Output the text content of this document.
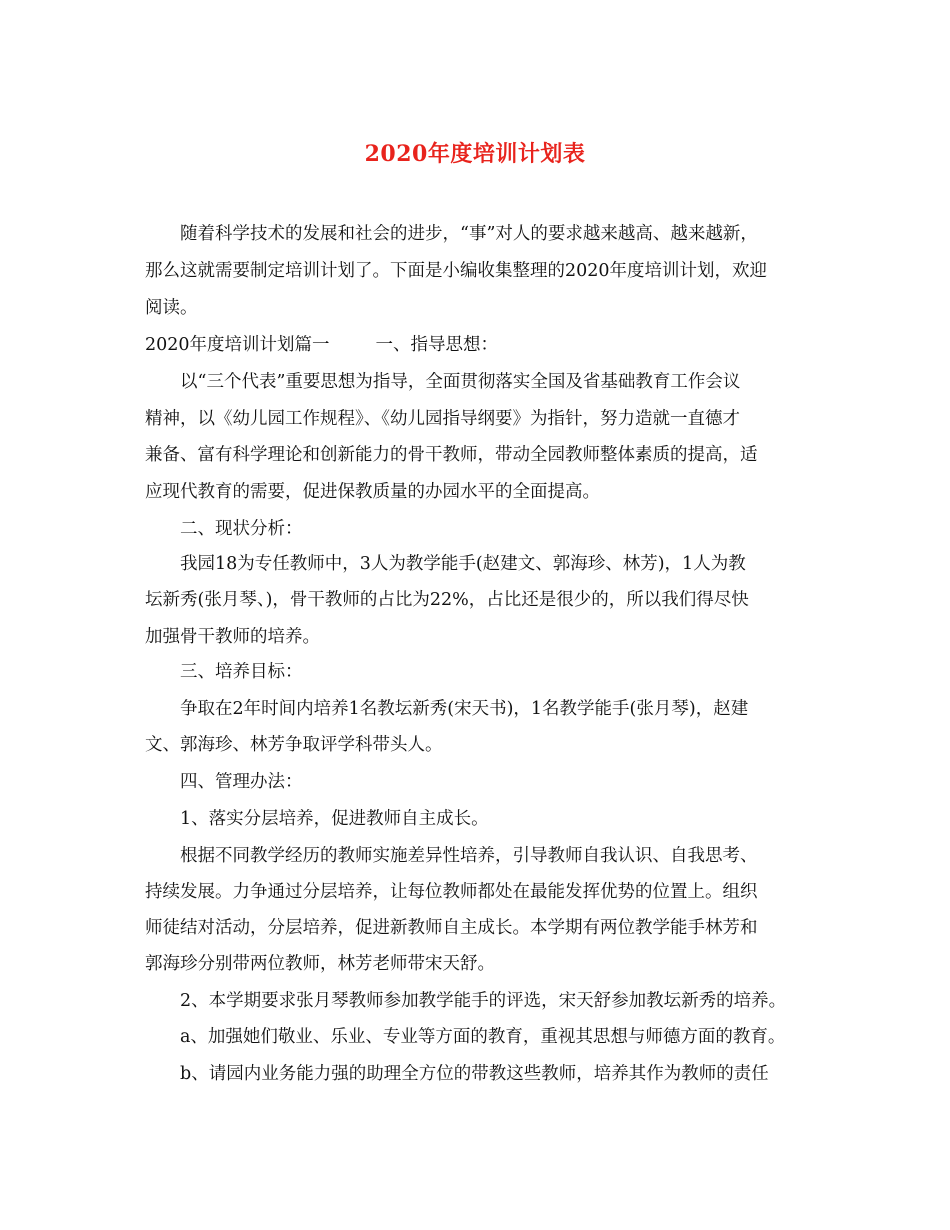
2020年度培训计划表
随着科学技术的发展和社会的进步，“事”对人的要求越来越高、越来越新，
那么这就需要制定培训计划了。下面是小编收集整理的2020年度培训计划，欢迎
阅读。
2020年度培训计划篇一	一、指导思想：
以“三个代表”重要思想为指导，全面贯彻落实全国及省基础教育工作会议
精神，以《幼儿园工作规程》、《幼儿园指导纲要》为指针，努力造就一直德才
兼备、富有科学理论和创新能力的骨干教师，带动全园教师整体素质的提高，适
应现代教育的需要，促进保教质量的办园水平的全面提高。
二、现状分析：
我园18为专任教师中，3人为教学能手(赵建文、郭海珍、林芳)，1人为教
坛新秀(张月琴、)，骨干教师的占比为22%，占比还是很少的，所以我们得尽快
加强骨干教师的培养。
三、培养目标：
争取在2年时间内培养1名教坛新秀(宋天书)，1名教学能手(张月琴)，赵建
文、郭海珍、林芳争取评学科带头人。
四、管理办法：
1、落实分层培养，促进教师自主成长。
根据不同教学经历的教师实施差异性培养，引导教师自我认识、自我思考、
持续发展。力争通过分层培养，让每位教师都处在最能发挥优势的位置上。组织
师徒结对活动，分层培养，促进新教师自主成长。本学期有两位教学能手林芳和
郭海珍分别带两位教师，林芳老师带宋天舒。
2、本学期要求张月琴教师参加教学能手的评选，宋天舒参加教坛新秀的培养。
a、加强她们敬业、乐业、专业等方面的教育，重视其思想与师德方面的教育。
b、请园内业务能力强的助理全方位的带教这些教师，培养其作为教师的责任
